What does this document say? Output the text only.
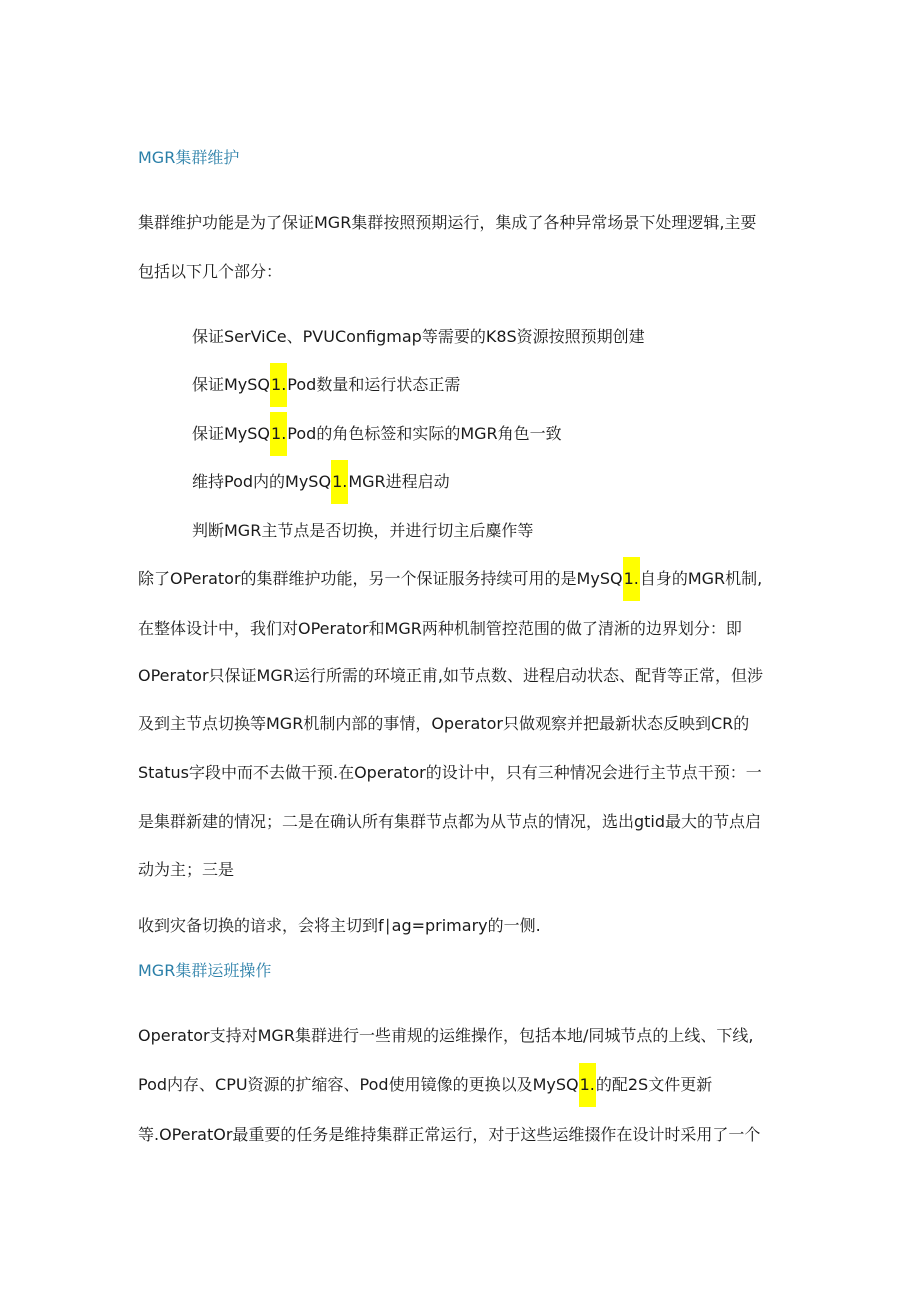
MGR集群维护
集群维护功能是为了保证MGR集群按照预期运行，集成了各种异常场景下处理逻辑,主要
包括以下几个部分：
保证SerViCe、PVUConfigmap等需要的K8S资源按照预期创建
保证MySQ1.Pod数量和运行状态正需
保证MySQ1.Pod的角色标签和实际的MGR角色一致
维持Pod内的MySQ1.MGR进程启动
判断MGR主节点是否切换，并进行切主后麋作等
除了OPerator的集群维护功能，另一个保证服务持续可用的是MySQ1.自身的MGR机制,
在整体设计中，我们对OPerator和MGR两种机制管控范围的做了清淅的边界划分：即
OPerator只保证MGR运行所需的环境正甫,如节点数、进程启动状态、配背等正常，但涉
及到主节点切换等MGR机制内部的事情，Operator只做观察并把最新状态反映到CR的
Status字段中而不去做干预.在Operator的设计中，只有三种情况会进行主节点干预：一
是集群新建的情况；二是在确认所有集群节点都为从节点的情况，选出gtid最大的节点启
动为主；三是
收到灾备切换的谙求，会将主切到f∣ag=primary的一侧.
MGR集群运班操作
Operator支持对MGR集群进行一些甫规的运维操作，包括本地/同城节点的上线、下线,
Pod内存、CPU资源的扩缩容、Pod使用镜像的更换以及MySQ1.的配2S文件更新
等.OPeratOr最重要的任务是维持集群正常运行，对于这些运维掇作在设计时采用了一个
